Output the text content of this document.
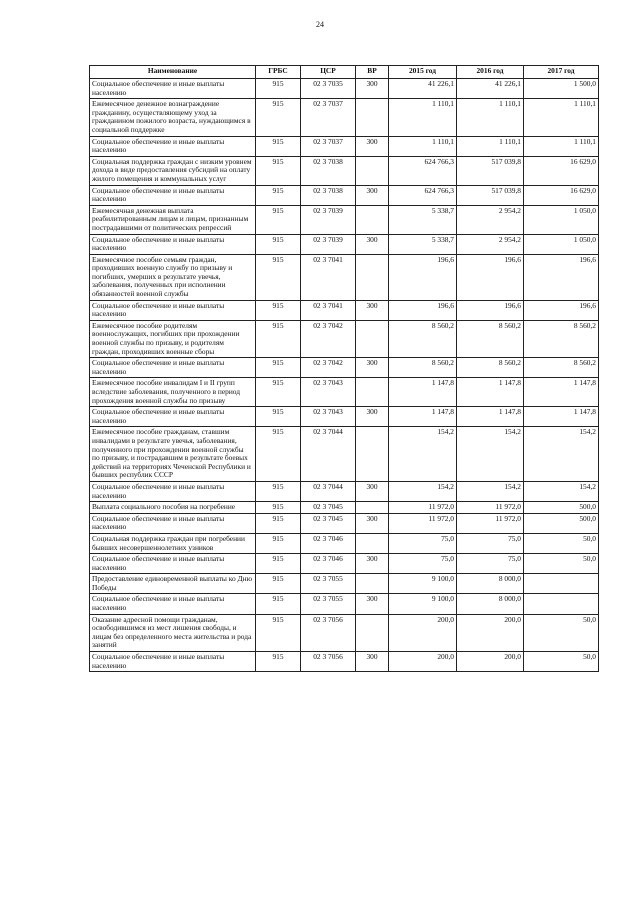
24
Наименование	ГРБС	ЦСР	ВР	2015 год	2016 год	2017 год
Социальное обеспечение и иные выплаты населению	915	02 3 7035	300	41 226,1	41 226,1	1 500,0
Ежемесячное денежное вознаграждение гражданину, осуществляющему уход за гражданином пожилого возраста, нуждающимся в социальной поддержке	915	02 3 7037		1 110,1	1 110,1	1 110,1
Социальное обеспечение и иные выплаты населению	915	02 3 7037	300	1 110,1	1 110,1	1 110,1
Социальная поддержка граждан с низким уровнем дохода в виде предоставления субсидий на оплату жилого помещения и коммунальных услуг	915	02 3 7038		624 766,3	517 039,8	16 629,0
Социальное обеспечение и иные выплаты населению	915	02 3 7038	300	624 766,3	517 039,8	16 629,0
Ежемесячная денежная выплата реабилитированным лицам и лицам, признанным пострадавшими от политических репрессий	915	02 3 7039		5 338,7	2 954,2	1 050,0
Социальное обеспечение и иные выплаты населению	915	02 3 7039	300	5 338,7	2 954,2	1 050,0
Ежемесячное пособие семьям граждан, проходивших военную службу по призыву и погибших, умерших в результате увечья, заболевания, полученных при исполнении обязанностей военной службы	915	02 3 7041		196,6	196,6	196,6
Социальное обеспечение и иные выплаты населению	915	02 3 7041	300	196,6	196,6	196,6
Ежемесячное пособие родителям военнослужащих, погибших при прохождении военной службы по призыву, и родителям граждан, проходивших военные сборы	915	02 3 7042		8 560,2	8 560,2	8 560,2
Социальное обеспечение и иные выплаты населению	915	02 3 7042	300	8 560,2	8 560,2	8 560,2
Ежемесячное пособие инвалидам I и II групп вследствие заболевания, полученного в период прохождения военной службы по призыву	915	02 3 7043		1 147,8	1 147,8	1 147,8
Социальное обеспечение и иные выплаты населению	915	02 3 7043	300	1 147,8	1 147,8	1 147,8
Ежемесячное пособие гражданам, ставшим инвалидами в результате увечья, заболевания, полученного при прохождении военной службы по призыву, и пострадавшим в результате боевых действий на территориях Чеченской Республики и бывших республик СССР	915	02 3 7044		154,2	154,2	154,2
Социальное обеспечение и иные выплаты населению	915	02 3 7044	300	154,2	154,2	154,2
Выплата социального пособия на погребение	915	02 3 7045		11 972,0	11 972,0	500,0
Социальное обеспечение и иные выплаты населению	915	02 3 7045	300	11 972,0	11 972,0	500,0
Социальная поддержка граждан при погребении бывших несовершеннолетних узников	915	02 3 7046		75,0	75,0	50,0
Социальное обеспечение и иные выплаты населению	915	02 3 7046	300	75,0	75,0	50,0
Предоставление единовременной выплаты ко Дню Победы	915	02 3 7055		9 100,0	8 000,0	
Социальное обеспечение и иные выплаты населению	915	02 3 7055	300	9 100,0	8 000,0	
Оказание адресной помощи гражданам, освободившимся из мест лишения свободы, и лицам без определенного места жительства и рода занятий	915	02 3 7056		200,0	200,0	50,0
Социальное обеспечение и иные выплаты населению	915	02 3 7056	300	200,0	200,0	50,0
